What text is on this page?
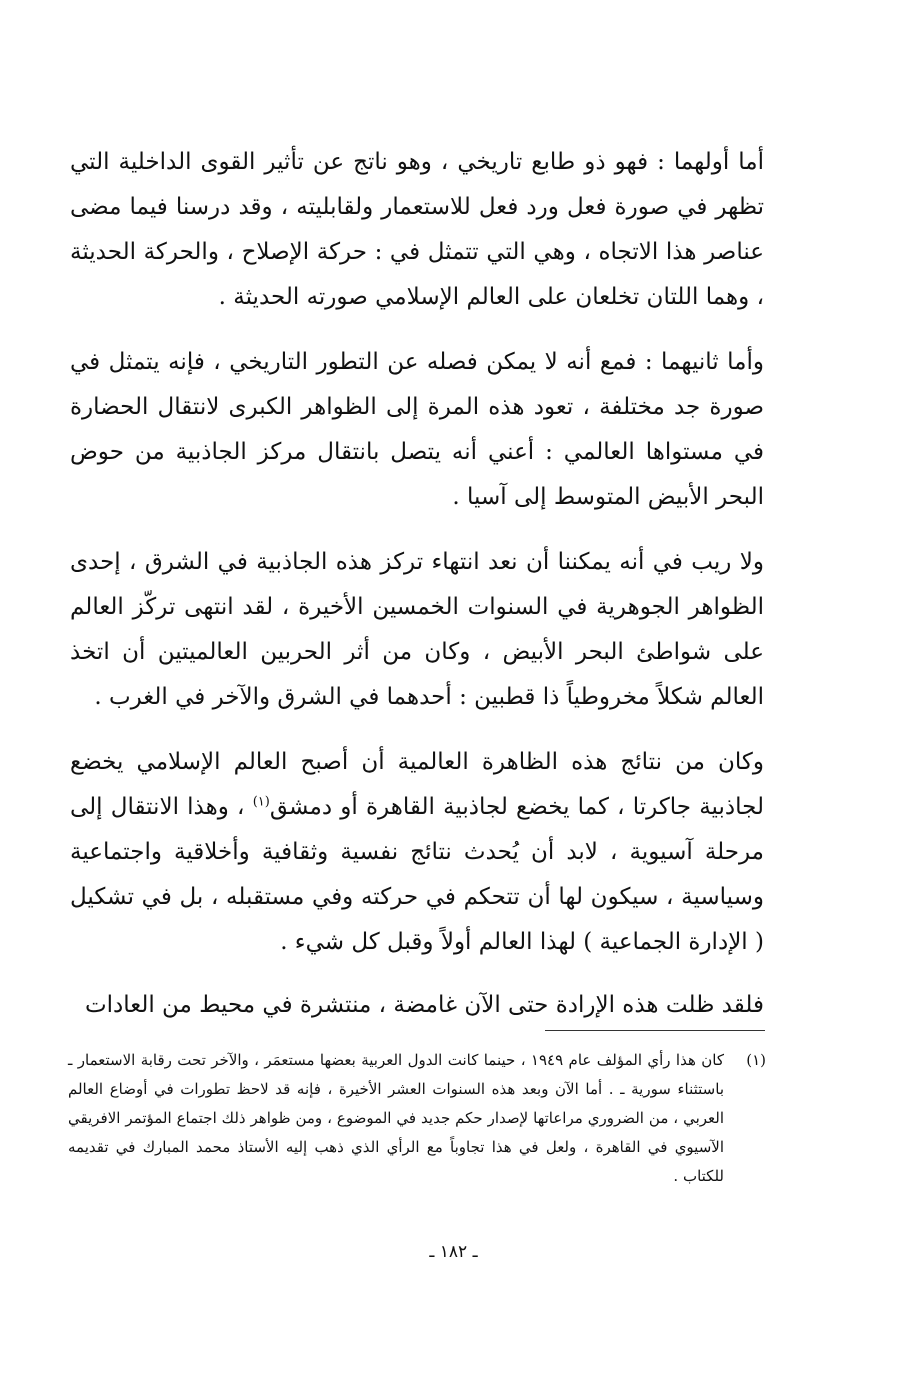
أما أولهما : فهو ذو طابع تاريخي ، وهو ناتج عن تأثير القوى الداخلية التي تظهر في صورة فعل ورد فعل للاستعمار ولقابليته ، وقد درسنا فيما مضى عناصر هذا الاتجاه ، وهي التي تتمثل في : حركة الإصلاح ، والحركة الحديثة ، وهما اللتان تخلعان على العالم الإسلامي صورته الحديثة .

وأما ثانيهما : فمع أنه لا يمكن فصله عن التطور التاريخي ، فإنه يتمثل في صورة جد مختلفة ، تعود هذه المرة إلى الظواهر الكبرى لانتقال الحضارة في مستواها العالمي : أعني أنه يتصل بانتقال مركز الجاذبية من حوض البحر الأبيض المتوسط إلى آسيا .

ولا ريب في أنه يمكننا أن نعد انتهاء تركز هذه الجاذبية في الشرق ، إحدى الظواهر الجوهرية في السنوات الخمسين الأخيرة ، لقد انتهى تركّز العالم على شواطئ البحر الأبيض ، وكان من أثر الحربين العالميتين أن اتخذ العالم شكلاً مخروطياً ذا قطبين : أحدهما في الشرق والآخر في الغرب .

وكان من نتائج هذه الظاهرة العالمية أن أصبح العالم الإسلامي يخضع لجاذبية جاكرتا ، كما يخضع لجاذبية القاهرة أو دمشق$^{(١)}$ ، وهذا الانتقال إلى مرحلة آسيوية ، لابد أن يُحدث نتائج نفسية وثقافية وأخلاقية واجتماعية وسياسية ، سيكون لها أن تتحكم في حركته وفي مستقبله ، بل في تشكيل ( الإدارة الجماعية ) لهذا العالم أولاً وقبل كل شيء .

فلقد ظلت هذه الإرادة حتى الآن غامضة ، منتشرة في محيط من العادات

(١)
كان هذا رأي المؤلف عام ١٩٤٩ ، حينما كانت الدول العربية بعضها مستعمَر ، والآخر تحت رقابة الاستعمار ـ باستثناء سورية ـ . أما الآن وبعد هذه السنوات العشر الأخيرة ، فإنه قد لاحظ تطورات في أوضاع العالم العربي ، من الضروري مراعاتها لإصدار حكم جديد في الموضوع ، ومن ظواهر ذلك اجتماع المؤتمر الافريقي الآسيوي في القاهرة ، ولعل في هذا تجاوباً مع الرأي الذي ذهب إليه الأستاذ محمد المبارك في تقديمه للكتاب .
ـ ١٨٢ ـ
